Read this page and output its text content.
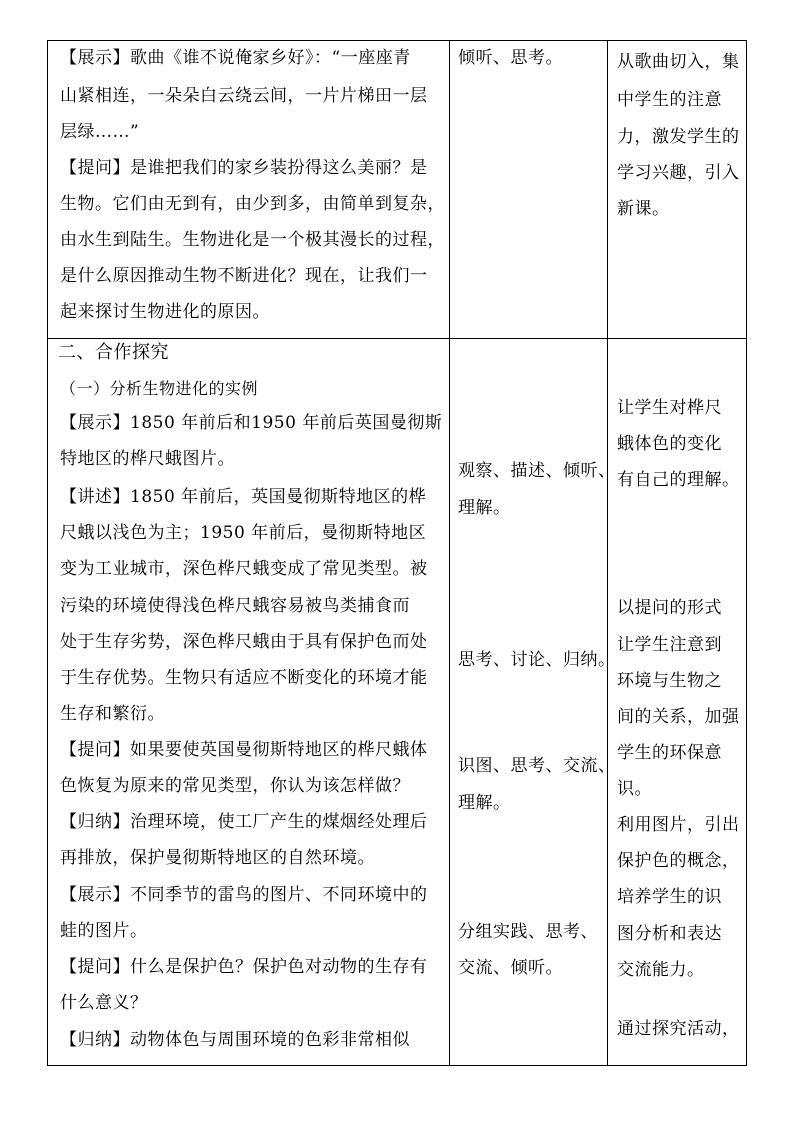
【展示】歌曲《谁不说俺家乡好》：“一座座青
山紧相连，一朵朵白云绕云间，一片片梯田一层
层绿……”
【提问】是谁把我们的家乡装扮得这么美丽？是
生物。它们由无到有，由少到多，由简单到复杂，
由水生到陆生。生物进化是一个极其漫长的过程，
是什么原因推动生物不断进化？现在，让我们一
起来探讨生物进化的原因。
倾听、思考。	从歌曲切入，集
中学生的注意
力，激发学生的
学习兴趣，引入
新课。
二、合作探究
（一）分析生物进化的实例
【展示】1850 年前后和1950 年前后英国曼彻斯
特地区的桦尺蛾图片。
【讲述】1850 年前后，英国曼彻斯特地区的桦
尺蛾以浅色为主；1950 年前后，曼彻斯特地区
变为工业城市，深色桦尺蛾变成了常见类型。被
污染的环境使得浅色桦尺蛾容易被鸟类捕食而
处于生存劣势，深色桦尺蛾由于具有保护色而处
于生存优势。生物只有适应不断变化的环境才能
生存和繁衍。
【提问】如果要使英国曼彻斯特地区的桦尺蛾体
色恢复为原来的常见类型，你认为该怎样做？
【归纳】治理环境，使工厂产生的煤烟经处理后
再排放，保护曼彻斯特地区的自然环境。
【展示】不同季节的雷鸟的图片、不同环境中的
蛙的图片。
【提问】什么是保护色？保护色对动物的生存有
什么意义？
【归纳】动物体色与周围环境的色彩非常相似
观察、描述、倾听、
理解。
思考、讨论、归纳。
识图、思考、交流、
理解。
分组实践、思考、
交流、倾听。
让学生对桦尺
蛾体色的变化
有自己的理解。
以提问的形式
让学生注意到
环境与生物之
间的关系，加强
学生的环保意
识。
利用图片，引出
保护色的概念，
培养学生的识
图分析和表达
交流能力。
通过探究活动，
